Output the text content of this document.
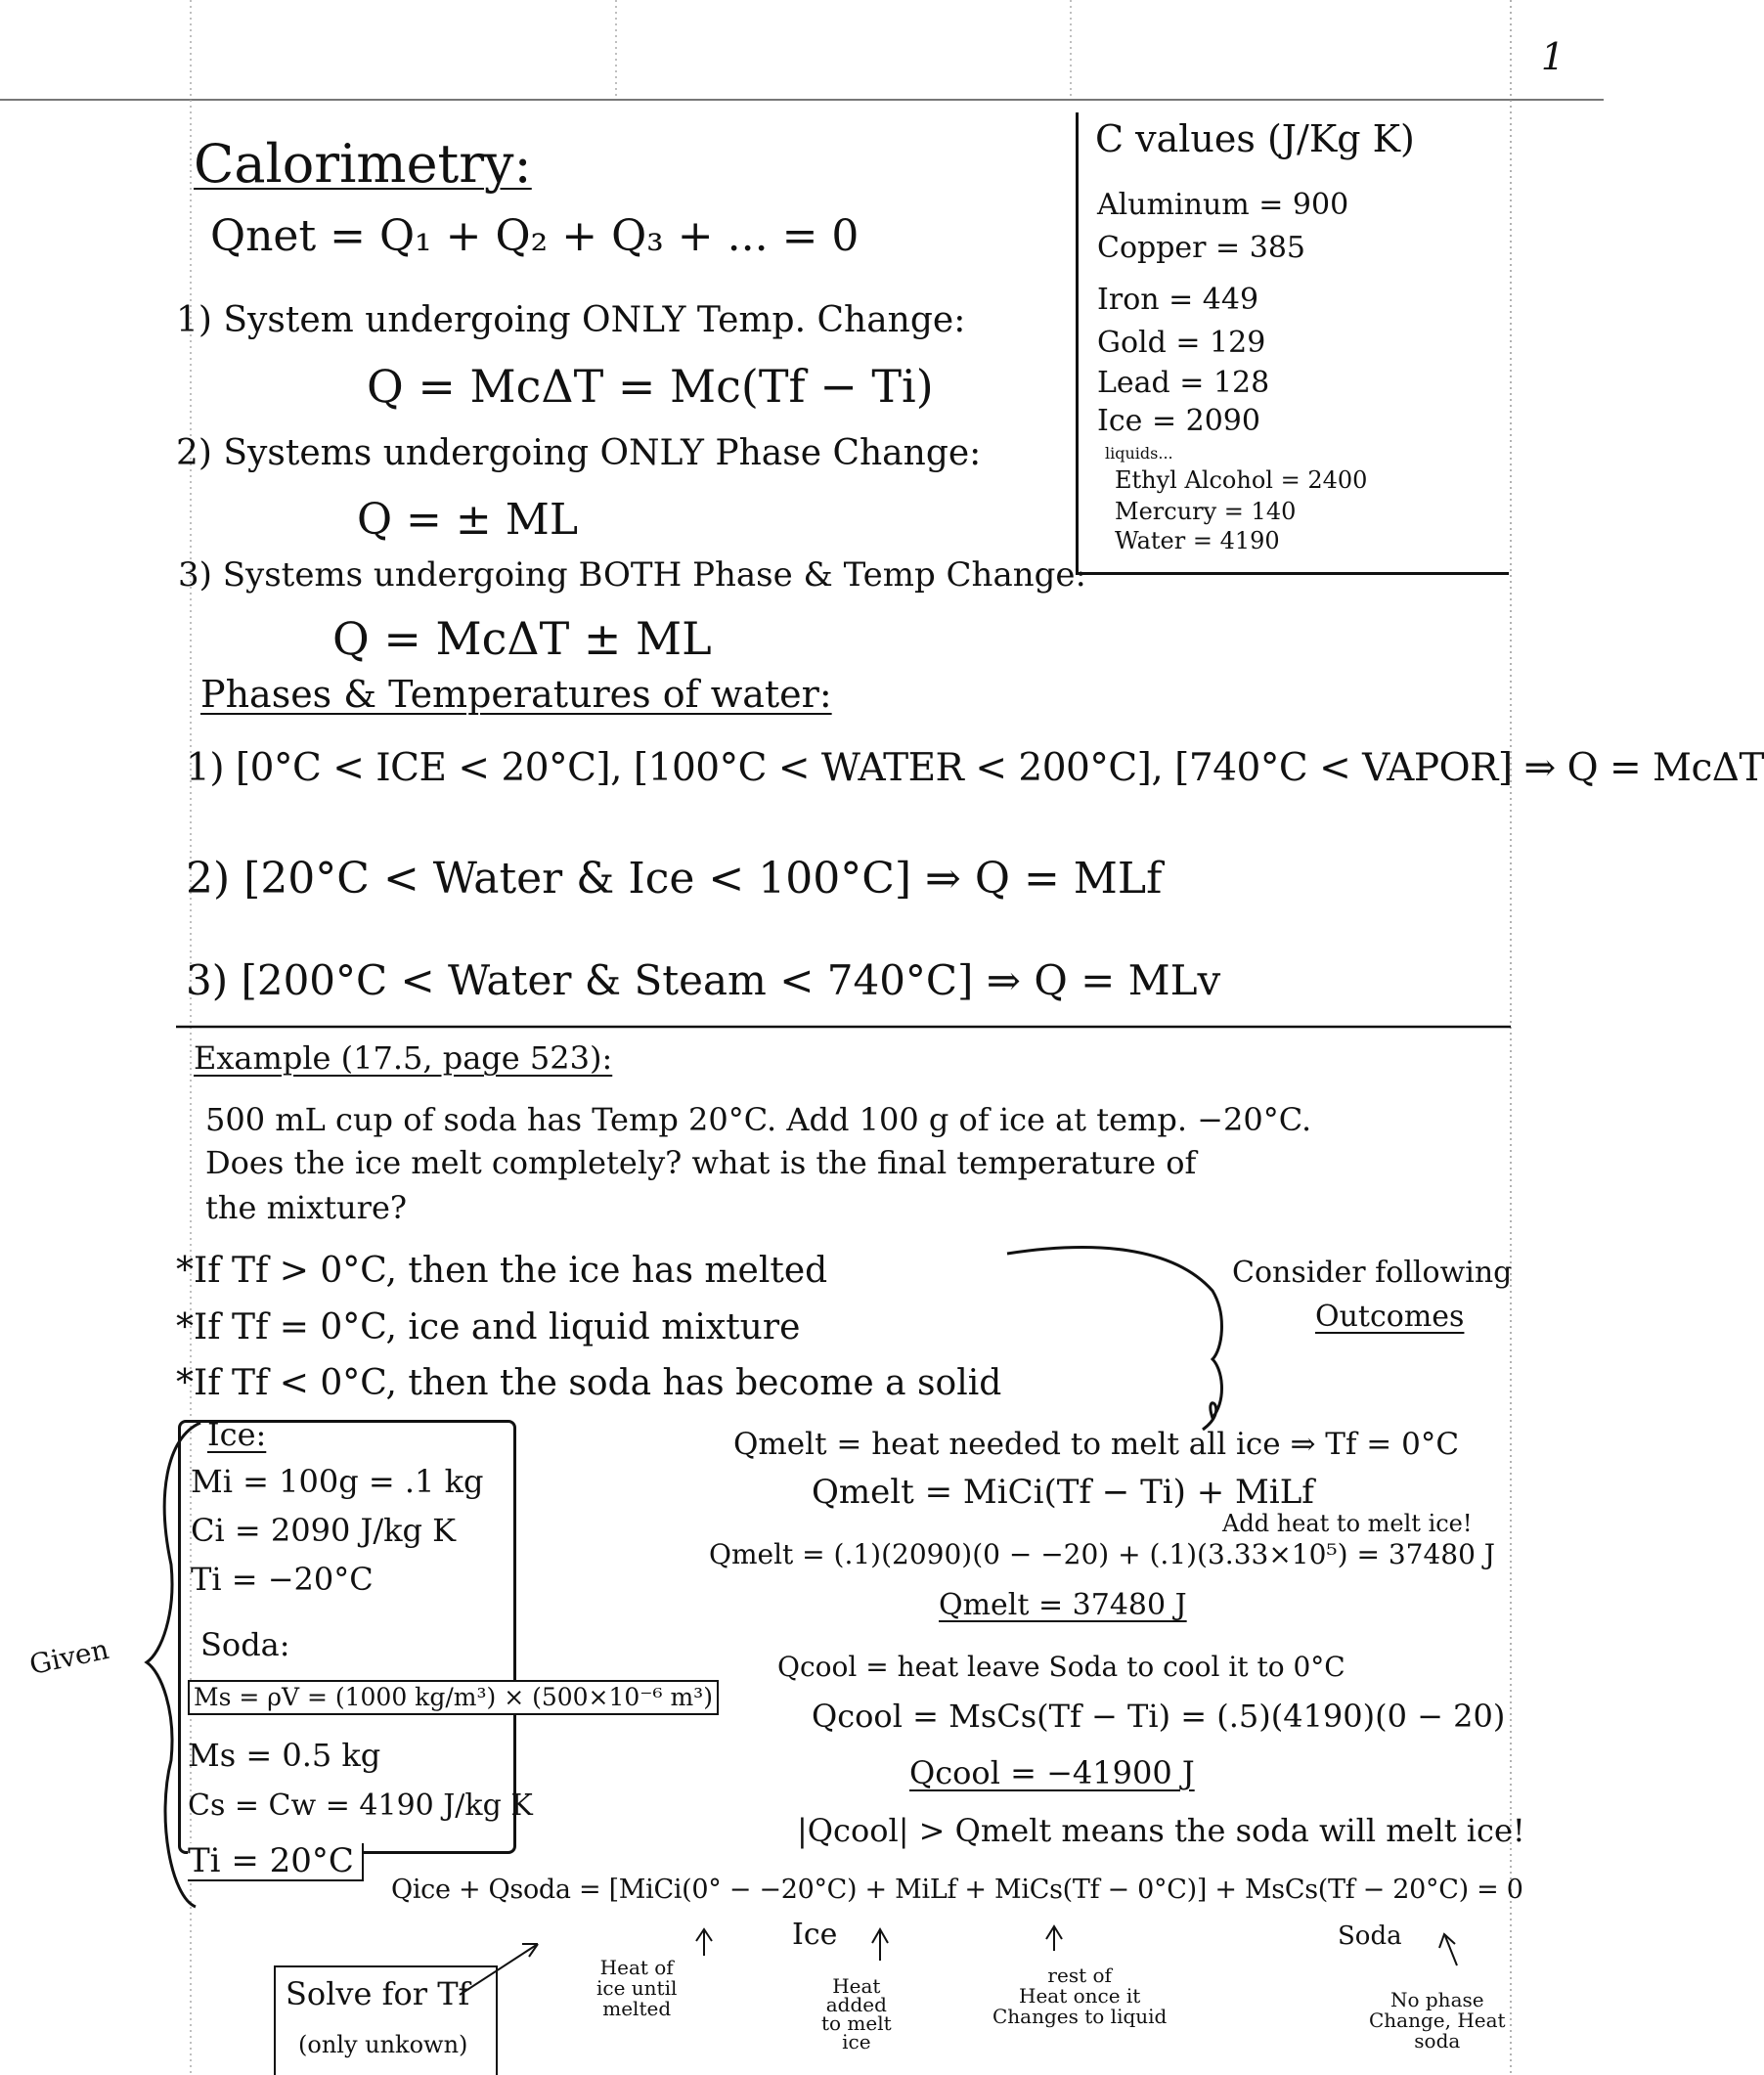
1
Calorimetry:
Qnet = Q₁ + Q₂ + Q₃ + ... = 0
1) System undergoing ONLY Temp. Change:
Q = McΔT = Mc(Tf − Ti)
2) Systems undergoing ONLY Phase Change:
Q = ± ML
3) Systems undergoing BOTH Phase & Temp Change:
Q = McΔT ± ML
C values (J/Kg K)
Aluminum = 900
Copper = 385
Iron = 449
Gold = 129
Lead = 128
Ice = 2090
liquids...
Ethyl Alcohol = 2400
Mercury = 140
Water = 4190
Phases & Temperatures of water:
1) [0°C < ICE < 20°C], [100°C < WATER < 200°C], [740°C < VAPOR] ⇒ Q = McΔT
2) [20°C < Water & Ice < 100°C] ⇒ Q = MLf
3) [200°C < Water & Steam < 740°C] ⇒ Q = MLv
Example (17.5, page 523):
500 mL cup of soda has Temp 20°C. Add 100 g of ice at temp. −20°C.
Does the ice melt completely? what is the final temperature of
the mixture?
*If Tf > 0°C, then the ice has melted
*If Tf = 0°C, ice and liquid mixture
*If Tf < 0°C, then the soda has become a solid
Consider following
Outcomes
Given
Ice:
Mi = 100g = .1 kg
Ci = 2090 J/kg K
Ti = −20°C
Soda:
Ms = ρV = (1000 kg/m³) × (500×10⁻⁶ m³)
Ms = 0.5 kg
Cs = Cw = 4190 J/kg K
Ti = 20°C
Qmelt = heat needed to melt all ice ⇒ Tf = 0°C
Qmelt = MiCi(Tf − Ti) + MiLf
Add heat to melt ice!
Qmelt = (.1)(2090)(0 − −20) + (.1)(3.33×10⁵) = 37480 J
Qmelt = 37480 J
Qcool = heat leave Soda to cool it to 0°C
Qcool = MsCs(Tf − Ti) = (.5)(4190)(0 − 20)
Qcool = −41900 J
|Qcool| > Qmelt means the soda will melt ice!
Qice + Qsoda = [MiCi(0° − −20°C) + MiLf + MiCs(Tf − 0°C)] + MsCs(Tf − 20°C) = 0
Ice	Soda
Heat of
ice until
melted
Heat
added
to melt
ice
rest of
Heat once it
Changes to liquid
No phase
Change, Heat
soda
Solve for Tf
(only unkown)
